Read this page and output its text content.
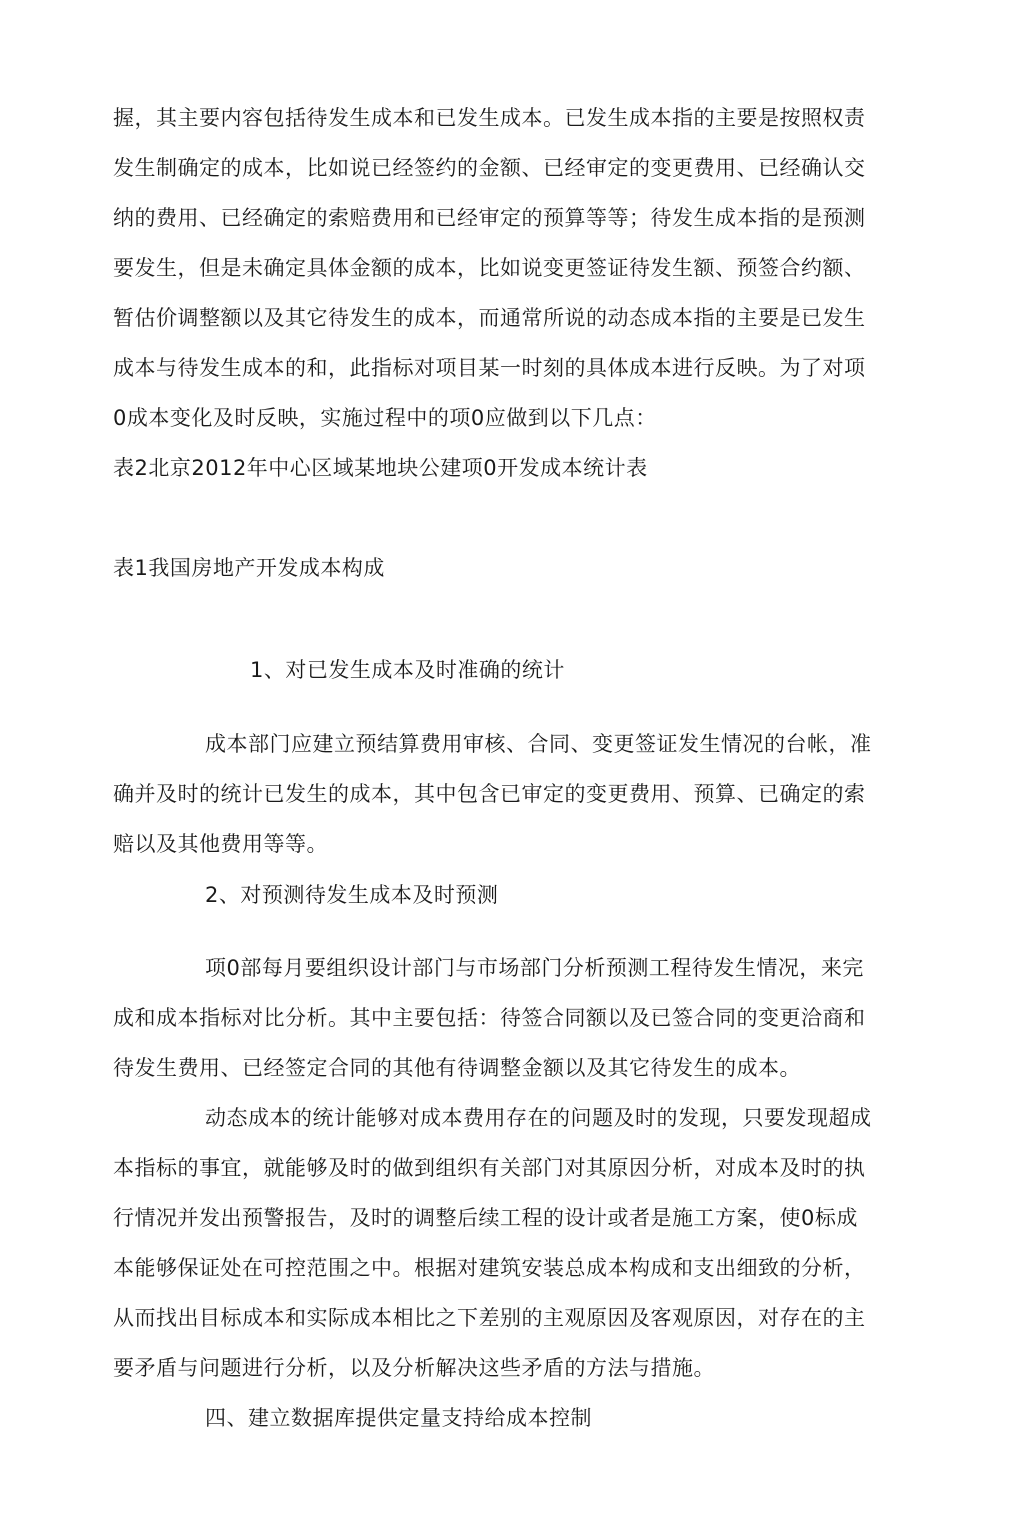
握，其主要内容包括待发生成本和已发生成本。已发生成本指的主要是按照权责
发生制确定的成本，比如说已经签约的金额、已经审定的变更费用、已经确认交
纳的费用、已经确定的索赔费用和已经审定的预算等等；待发生成本指的是预测
要发生，但是未确定具体金额的成本，比如说变更签证待发生额、预签合约额、
暂估价调整额以及其它待发生的成本，而通常所说的动态成本指的主要是已发生
成本与待发生成本的和，此指标对项目某一时刻的具体成本进行反映。为了对项
0成本变化及时反映，实施过程中的项0应做到以下几点：
表2北京2012年中心区域某地块公建项0开发成本统计表
表1我国房地产开发成本构成
1、对已发生成本及时准确的统计
成本部门应建立预结算费用审核、合同、变更签证发生情况的台帐，准
确并及时的统计已发生的成本，其中包含已审定的变更费用、预算、已确定的索
赔以及其他费用等等。
2、对预测待发生成本及时预测
项0部每月要组织设计部门与市场部门分析预测工程待发生情况，来完
成和成本指标对比分析。其中主要包括：待签合同额以及已签合同的变更洽商和
待发生费用、已经签定合同的其他有待调整金额以及其它待发生的成本。
动态成本的统计能够对成本费用存在的问题及时的发现，只要发现超成
本指标的事宜，就能够及时的做到组织有关部门对其原因分析，对成本及时的执
行情况并发出预警报告，及时的调整后续工程的设计或者是施工方案，使0标成
本能够保证处在可控范围之中。根据对建筑安装总成本构成和支出细致的分析，
从而找出目标成本和实际成本相比之下差别的主观原因及客观原因，对存在的主
要矛盾与问题进行分析，以及分析解决这些矛盾的方法与措施。
四、建立数据库提供定量支持给成本控制
